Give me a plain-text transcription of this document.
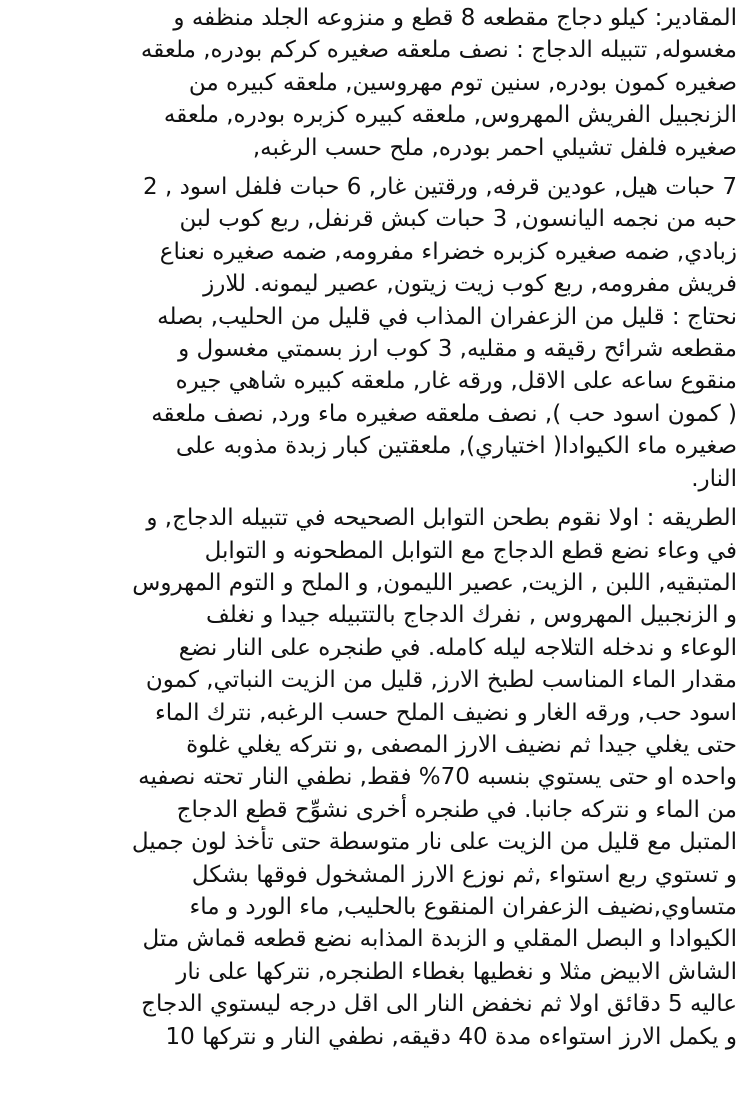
المقادير: كيلو دجاج مقطعه 8 قطع و منزوعه الجلد منظفه و
مغسوله, تتبيله الدجاج : نصف ملعقه صغيره كركم بودره, ملعقه
صغيره كمون بودره, سنين توم مهروسين, ملعقه كبيره من
الزنجبيل الفريش المهروس, ملعقه كبيره كزبره بودره, ملعقه
صغيره فلفل تشيلي احمر بودره, ملح حسب الرغبه,

7 حبات هيل, عودين قرفه, ورقتين غار, 6 حبات فلفل اسود , 2
حبه من نجمه اليانسون, 3 حبات كبش قرنفل, ربع كوب لبن
زبادي, ضمه صغيره كزبره خضراء مفرومه, ضمه صغيره نعناع
فريش مفرومه, ربع كوب زيت زيتون, عصير ليمونه. للارز
نحتاج : قليل من الزعفران المذاب في قليل من الحليب, بصله
مقطعه شرائح رقيقه و مقليه, 3 كوب ارز بسمتي مغسول و
منقوع ساعه على الاقل, ورقه غار, ملعقه كبيره شاهي جيره
( كمون اسود حب ), نصف ملعقه صغيره ماء ورد, نصف ملعقه
صغيره ماء الكيوادا( اختياري), ملعقتين كبار زبدة مذوبه على
النار.

الطريقه : اولا نقوم بطحن التوابل الصحيحه في تتبيله الدجاج, و
في وعاء نضع قطع الدجاج مع التوابل المطحونه و التوابل
المتبقيه, اللبن , الزيت, عصير الليمون, و الملح و التوم المهروس
و الزنجبيل المهروس , نفرك الدجاج بالتتبيله جيدا و نغلف
الوعاء و ندخله التلاجه ليله كامله. في طنجره على النار نضع
مقدار الماء المناسب لطبخ الارز, قليل من الزيت النباتي, كمون
اسود حب, ورقه الغار و نضيف الملح حسب الرغبه, نترك الماء
حتى يغلي جيدا ثم نضيف الارز المصفى ,و نتركه يغلي غلوة
واحده او حتى يستوي بنسبه 70% فقط, نطفي النار تحته نصفيه
من الماء و نتركه جانبا. في طنجره أخرى نشوِّح قطع الدجاج
المتبل مع قليل من الزيت على نار متوسطة حتى تأخذ لون جميل
و تستوي ربع استواء ,ثم نوزع الارز المشخول فوقها بشكل
متساوي,نضيف الزعفران المنقوع بالحليب, ماء الورد و ماء
الكيوادا و البصل المقلي و الزبدة المذابه نضع قطعه قماش متل
الشاش الابيض مثلا و نغطيها بغطاء الطنجره, نتركها على نار
عاليه 5 دقائق اولا ثم نخفض النار الى اقل درجه ليستوي الدجاج
و يكمل الارز استواءه مدة 40 دقيقه, نطفي النار و نتركها 10
